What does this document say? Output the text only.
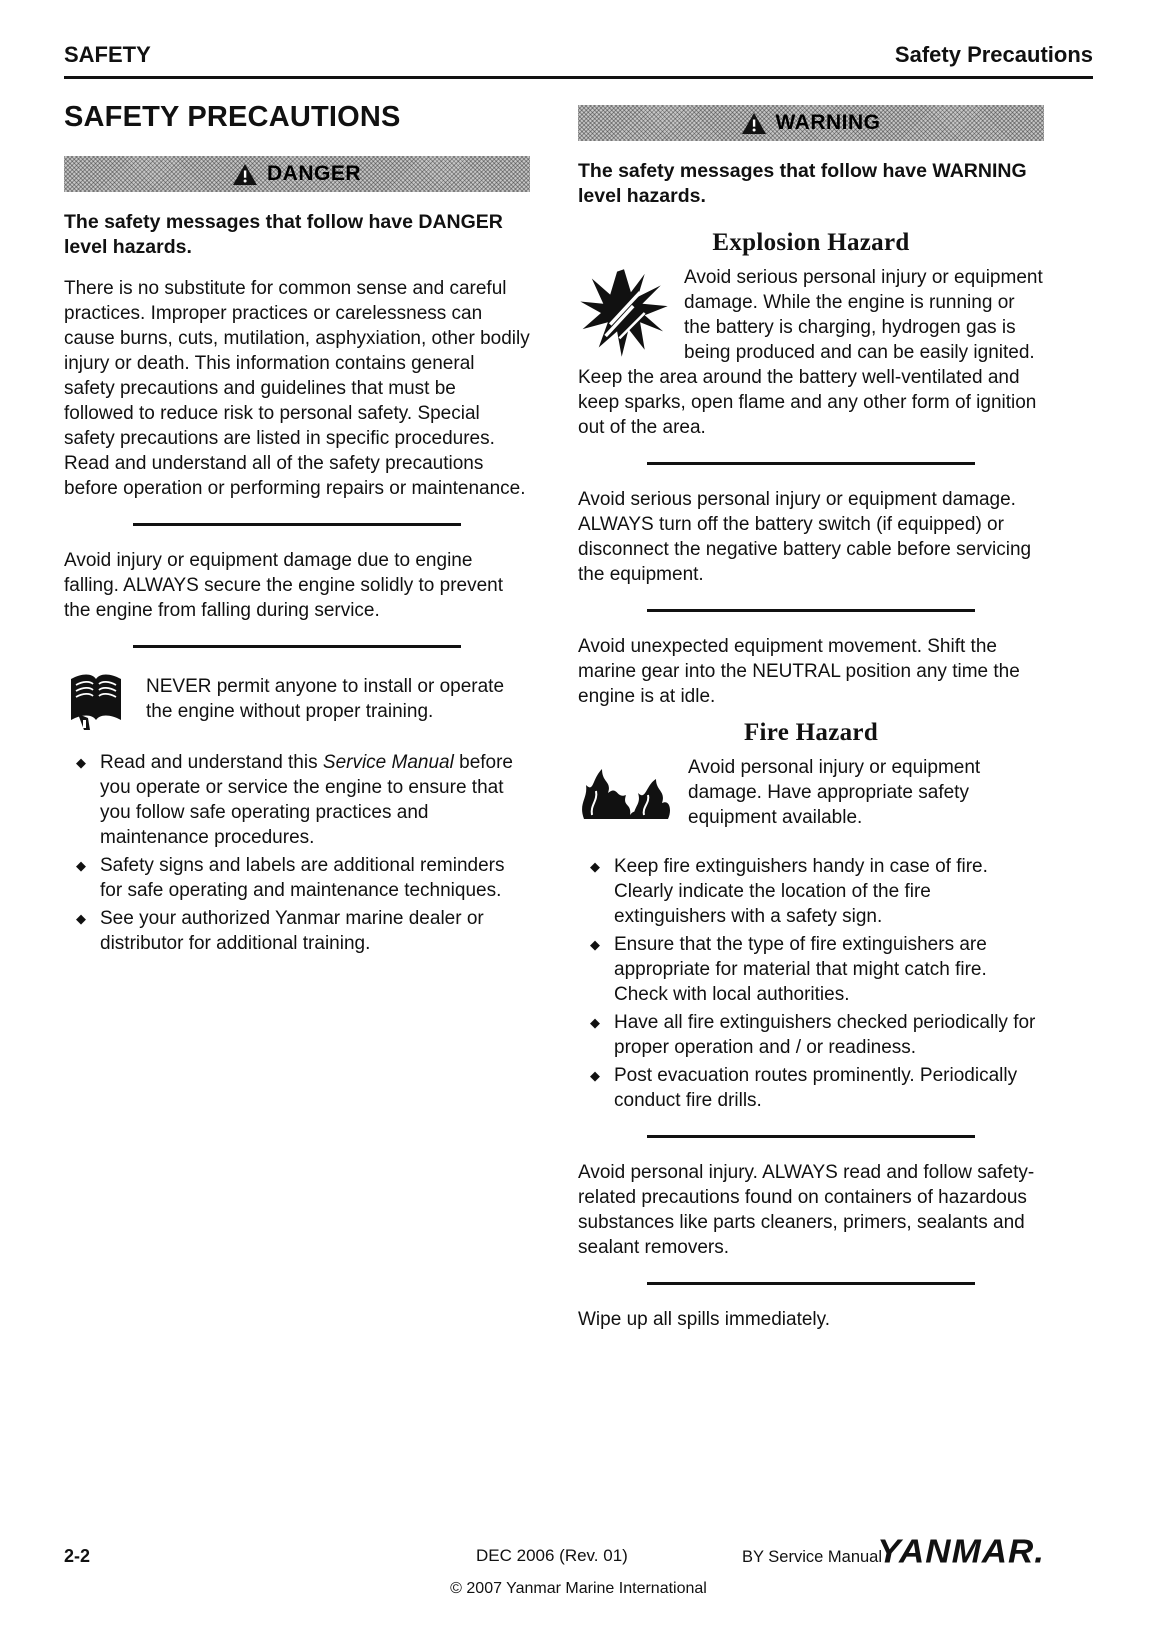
SAFETY	Safety Precautions
SAFETY PRECAUTIONS
DANGER
The safety messages that follow have DANGER level hazards.

There is no substitute for common sense and careful practices. Improper practices or carelessness can cause burns, cuts, mutilation, asphyxiation, other bodily injury or death. This information contains general safety precautions and guidelines that must be followed to reduce risk to personal safety. Special safety precautions are listed in specific procedures. Read and understand all of the safety precautions before operation or performing repairs or maintenance.

Avoid injury or equipment damage due to engine falling. ALWAYS secure the engine solidly to prevent the engine from falling during service.

NEVER permit anyone to install or operate the engine without proper training.
◆ Read and understand this Service Manual before you operate or service the engine to ensure that you follow safe operating practices and maintenance procedures.
◆ Safety signs and labels are additional reminders for safe operating and maintenance techniques.
◆ See your authorized Yanmar marine dealer or distributor for additional training.
WARNING
The safety messages that follow have WARNING level hazards.
Explosion Hazard
Avoid serious personal injury or equipment damage. While the engine is running or the battery is charging, hydrogen gas is being produced and can be easily ignited. Keep the area around the battery well-ventilated and keep sparks, open flame and any other form of ignition out of the area.

Avoid serious personal injury or equipment damage. ALWAYS turn off the battery switch (if equipped) or disconnect the negative battery cable before servicing the equipment.

Avoid unexpected equipment movement. Shift the marine gear into the NEUTRAL position any time the engine is at idle.

Fire Hazard
Avoid personal injury or equipment damage. Have appropriate safety equipment available.
◆ Keep fire extinguishers handy in case of fire. Clearly indicate the location of the fire extinguishers with a safety sign.
◆ Ensure that the type of fire extinguishers are appropriate for material that might catch fire. Check with local authorities.
◆ Have all fire extinguishers checked periodically for proper operation and / or readiness.
◆ Post evacuation routes prominently. Periodically conduct fire drills.

Avoid personal injury. ALWAYS read and follow safety-related precautions found on containers of hazardous substances like parts cleaners, primers, sealants and sealant removers.

Wipe up all spills immediately.

2-2	DEC 2006 (Rev. 01)	BY Service Manual
YANMAR.
© 2007 Yanmar Marine International
